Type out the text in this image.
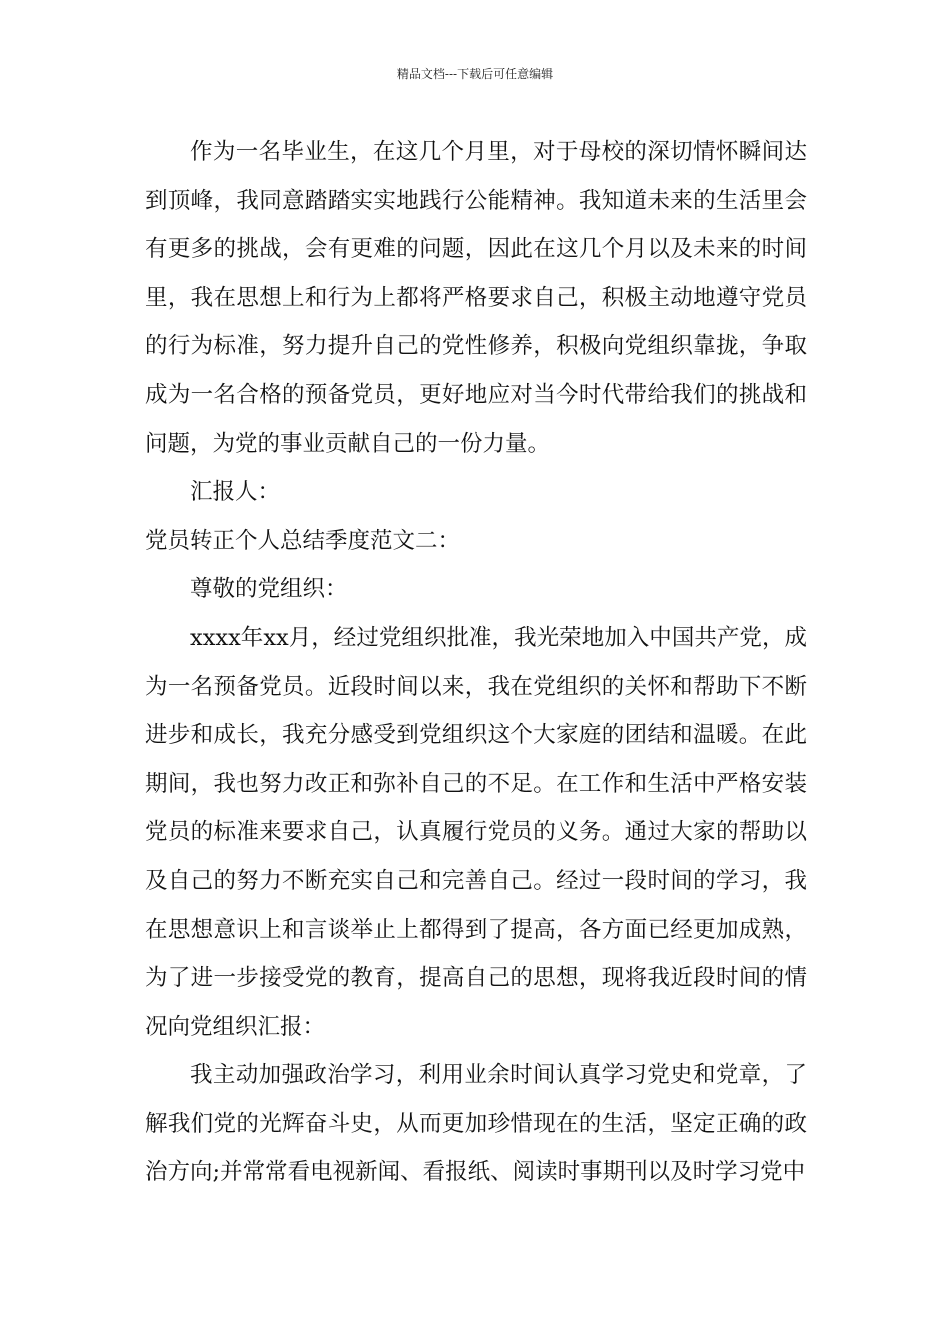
精品文档---下载后可任意编辑

作为一名毕业生，在这几个月里，对于母校的深切情怀瞬间达到顶峰，我同意踏踏实实地践行公能精神。我知道未来的生活里会有更多的挑战，会有更难的问题，因此在这几个月以及未来的时间里，我在思想上和行为上都将严格要求自己，积极主动地遵守党员的行为标准，努力提升自己的党性修养，积极向党组织靠拢，争取成为一名合格的预备党员，更好地应对当今时代带给我们的挑战和问题，为党的事业贡献自己的一份力量。

汇报人：

党员转正个人总结季度范文二：

尊敬的党组织：

xxxx年xx月，经过党组织批准，我光荣地加入中国共产党，成为一名预备党员。近段时间以来，我在党组织的关怀和帮助下不断进步和成长，我充分感受到党组织这个大家庭的团结和温暖。在此期间，我也努力改正和弥补自己的不足。在工作和生活中严格安装党员的标准来要求自己，认真履行党员的义务。通过大家的帮助以及自己的努力不断充实自己和完善自己。经过一段时间的学习，我在思想意识上和言谈举止上都得到了提高，各方面已经更加成熟，为了进一步接受党的教育，提高自己的思想，现将我近段时间的情况向党组织汇报：

我主动加强政治学习，利用业余时间认真学习党史和党章，了解我们党的光辉奋斗史，从而更加珍惜现在的生活，坚定正确的政治方向;并常常看电视新闻、看报纸、阅读时事期刊以及时学习党中
